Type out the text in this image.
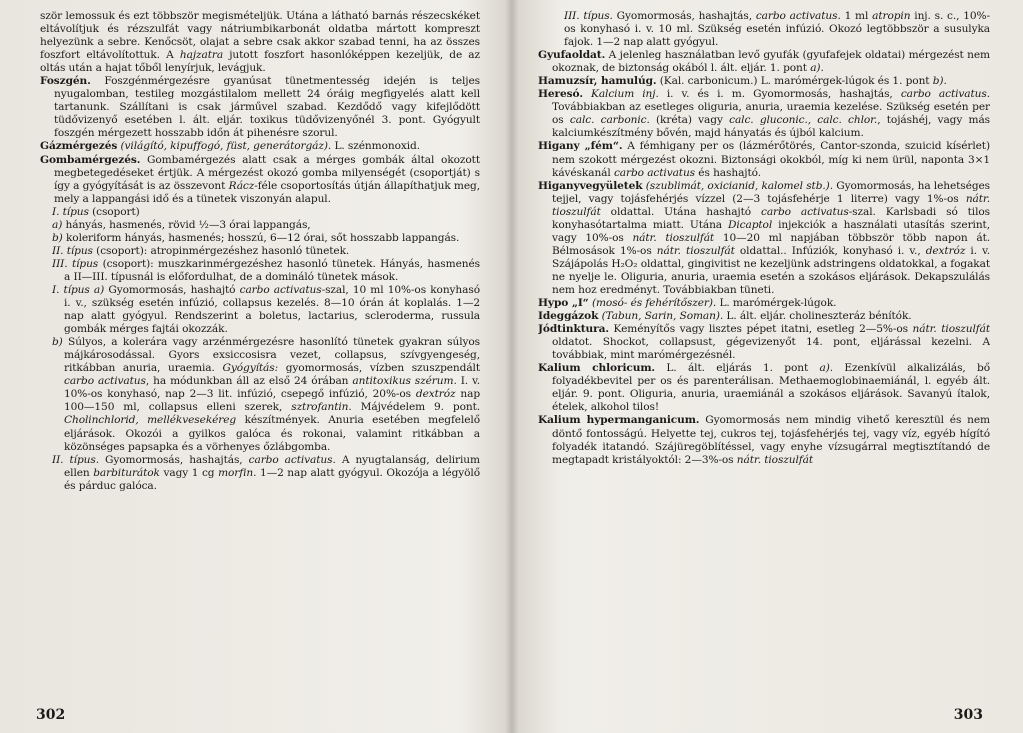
ször lemossuk és ezt többször megismételjük. Utána a látható barnás részecskéket eltávolítjuk és rézszulfát vagy nátriumbikarbonát oldatba mártott kompreszt helyezünk a sebre. Kenőcsöt, olajat a sebre csak akkor szabad tenni, ha az összes foszfort eltávolítottuk. A hajzatra jutott foszfort hasonlóképpen kezeljük, de az oltás után a hajat tőből lenyírjuk, levágjuk.

Foszgén. Foszgénmérgezésre gyanúsat tünetmentesség idején is teljes nyugalomban, testileg mozgástilalom mellett 24 óráig megfigyelés alatt kell tartanunk. Szállítani is csak járművel szabad. Kezdődő vagy kifejlődött tüdővizenyő esetében l. ált. eljár. toxikus tüdővizenyőnél 3. pont. Gyógyult foszgén mérgezett hosszabb időn át pihenésre szorul.

Gázmérgezés (világító, kipuffogó, füst, generátorgáz). L. szénmonoxid.

Gombamérgezés. Gombamérgezés alatt csak a mérges gombák által okozott megbetegedéseket értjük. A mérgezést okozó gomba milyenségét (csoportját) s így a gyógyítását is az összevont Rácz-féle csoportosítás útján állapíthatjuk meg, mely a lappangási idő és a tünetek viszonyán alapul.

I. típus (csoport)

a) hányás, hasmenés, rövid ½—3 órai lappangás,

b) koleriform hányás, hasmenés; hosszú, 6—12 órai, sőt hosszabb lappangás.

II. típus (csoport): atropinmérgezéshez hasonló tünetek.

III. típus (csoport): muszkarinmérgezéshez hasonló tünetek. Hányás, hasmenés a II—III. típusnál is előfordulhat, de a domináló tünetek mások.

I. típus a) Gyomormosás, hashajtó carbo activatus-szal, 10 ml 10%-os konyhasó i. v., szükség esetén infúzió, collapsus kezelés. 8—10 órán át koplalás. 1—2 nap alatt gyógyul. Rendszerint a boletus, lactarius, scleroderma, russula gombák mérges fajtái okozzák.

b) Súlyos, a kolerára vagy arzénmérgezésre hasonlító tünetek gyakran súlyos májkárosodással. Gyors exsiccosisra vezet, collapsus, szívgyengeség, ritkábban anuria, uraemia. Gyógyítás: gyomormosás, vízben szuszpendált carbo activatus, ha módunkban áll az első 24 órában antitoxikus szérum. I. v. 10%-os konyhasó, nap 2—3 lit. infúzió, csepegő infúzió, 20%-os dextróz nap 100—150 ml, collapsus elleni szerek, sztrofantin. Májvédelem 9. pont. Cholinchlorid, mellékvesekéreg készítmények. Anuria esetében megfelelő eljárások. Okozói a gyilkos galóca és rokonai, valamint ritkábban a közönséges papsapka és a vörhenyes őzlábgomba.

II. típus. Gyomormosás, hashajtás, carbo activatus. A nyugtalanság, delirium ellen barbiturátok vagy 1 cg morfin. 1—2 nap alatt gyógyul. Okozója a légyölő és párduc galóca.

302

III. típus. Gyomormosás, hashajtás, carbo activatus. 1 ml atropin inj. s. c., 10%-os konyhasó i. v. 10 ml. Szükség esetén infúzió. Okozó legtöbbször a susulyka fajok. 1—2 nap alatt gyógyul.

Gyufaoldat. A jelenleg használatban levő gyufák (gyufafejek oldatai) mérgezést nem okoznak, de biztonság okából l. ált. eljár. 1. pont a).

Hamuzsír, hamulúg. (Kal. carbonicum.) L. marómérgek-lúgok és 1. pont b).

Heresó. Kalcium inj. i. v. és i. m. Gyomormosás, hashajtás, carbo activatus. Továbbiakban az esetleges oliguria, anuria, uraemia kezelése. Szükség esetén per os calc. carbonic. (kréta) vagy calc. gluconic., calc. chlor., tojáshéj, vagy más kalciumkészítmény bővén, majd hányatás és újból kalcium.

Higany „fém“. A fémhigany per os (lázmérőtörés, Cantor-szonda, szuicid kísérlet) nem szokott mérgezést okozni. Biztonsági okokból, míg ki nem ürül, naponta 3×1 kávéskanál carbo activatus és hashajtó.

Higanyvegyületek (szublimát, oxicianid, kalomel stb.). Gyomormosás, ha lehetséges tejjel, vagy tojásfehérjés vízzel (2—3 tojásfehérje 1 literre) vagy 1%-os nátr. tioszulfát oldattal. Utána hashajtó carbo activatus-szal. Karlsbadi só tilos konyhasótartalma miatt. Utána Dicaptol injekciók a használati utasítás szerint, vagy 10%-os nátr. tioszulfát 10—20 ml napjában többször több napon át. Bélmosások 1%-os nátr. tioszulfát oldattal.. Infúziók, konyhasó i. v., dextróz i. v. Szájápolás H₂O₂ oldattal, gingivitist ne kezeljünk adstringens oldatokkal, a fogakat ne nyelje le. Oliguria, anuria, uraemia esetén a szokásos eljárások. Dekapszulálás nem hoz eredményt. Továbbiakban tüneti.

Hypo „I“ (mosó- és fehérítőszer). L. marómérgek-lúgok.

Ideggázok (Tabun, Sarin, Soman). L. ált. eljár. cholineszteráz bénítók.

Jódtinktura. Keményítős vagy lisztes pépet itatni, esetleg 2—5%-os nátr. tioszulfát oldatot. Shockot, collapsust, gégevizenyőt 14. pont, eljárással kezelni. A továbbiak, mint marómérgezésnél.

Kalium chloricum. L. ált. eljárás 1. pont a). Ezenkívül alkalizálás, bő folyadékbevitel per os és parenterálisan. Methaemoglobinaemiánál, l. egyéb ált. eljár. 9. pont. Oliguria, anuria, uraemiánál a szokásos eljárások. Savanyú ítalok, ételek, alkohol tilos!

Kalium hypermanganicum. Gyomormosás nem mindig vihető keresztül és nem döntő fontosságú. Helyette tej, cukros tej, tojásfehérjés tej, vagy víz, egyéb hígító folyadék itatandó. Szájüregöblítéssel, vagy enyhe vízsugárral megtisztítandó de megtapadt kristályoktól: 2—3%-os nátr. tioszulfát

303
